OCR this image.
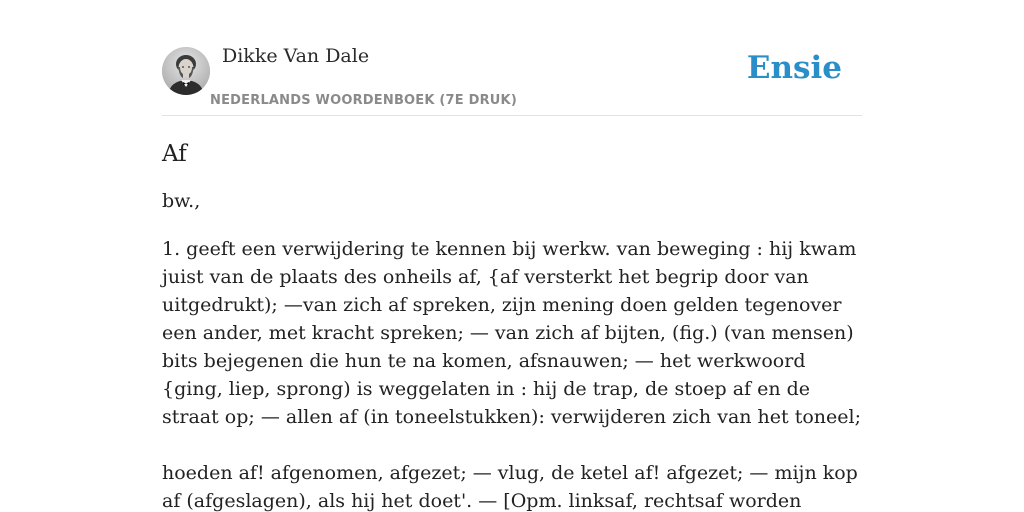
Dikke Van Dale
NEDERLANDS WOORDENBOEK (7E DRUK)
Ensie
Af
bw.,

1. geeft een verwijdering te kennen bij werkw. van beweging : hij kwam juist van de plaats des onheils af, {af versterkt het begrip door van uitgedrukt); —van zich af spreken, zijn mening doen gelden tegenover een ander, met kracht spreken; — van zich af bijten, (fig.) (van mensen) bits bejegenen die hun te na komen, afsnauwen; — het werkwoord {ging, liep, sprong) is weggelaten in : hij de trap, de stoep af en de straat op; — allen af (in toneelstukken): verwijderen zich van het toneel;

hoeden af! afgenomen, afgezet; — vlug, de ketel af! afgezet; — mijn kop af (afgeslagen), als hij het doet'. — [Opm. linksaf, rechtsaf worden
